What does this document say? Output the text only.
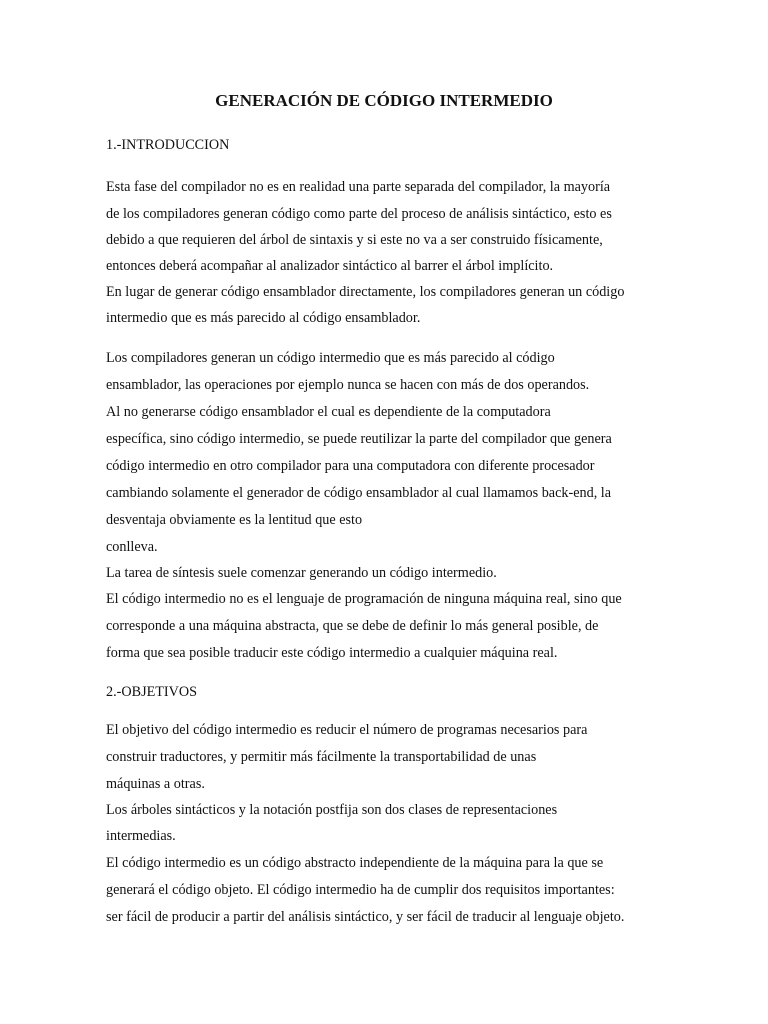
GENERACIÓN DE CÓDIGO INTERMEDIO
1.-INTRODUCCION
Esta fase del compilador no es en realidad una parte separada del compilador, la mayoría
de los compiladores generan código como parte del proceso de análisis sintáctico, esto es
debido a que requieren del árbol de sintaxis y si este no va a ser construido físicamente,
entonces deberá acompañar al analizador sintáctico al barrer el árbol implícito.
En lugar de generar código ensamblador directamente, los compiladores generan un código
intermedio que es más parecido al código ensamblador.
Los compiladores generan un código intermedio que es más parecido al código
ensamblador, las operaciones por ejemplo nunca se hacen con más de dos operandos.
Al no generarse código ensamblador el cual es dependiente de la computadora
específica, sino código intermedio, se puede reutilizar la parte del compilador que genera
código intermedio en otro compilador para una computadora con diferente procesador
cambiando solamente el generador de código ensamblador al cual llamamos back-end, la
desventaja obviamente es la lentitud que esto
conlleva.
La tarea de síntesis suele comenzar generando un código intermedio.
El código intermedio no es el lenguaje de programación de ninguna máquina real, sino que
corresponde a una máquina abstracta, que se debe de definir lo más general posible, de
forma que sea posible traducir este código intermedio a cualquier máquina real.
2.-OBJETIVOS
El objetivo del código intermedio es reducir el número de programas necesarios para
construir traductores, y permitir más fácilmente la transportabilidad de unas
máquinas a otras.
Los árboles sintácticos y la notación postfija son dos clases de representaciones
intermedias.
El código intermedio es un código abstracto independiente de la máquina para la que se
generará el código objeto. El código intermedio ha de cumplir dos requisitos importantes:
ser fácil de producir a partir del análisis sintáctico, y ser fácil de traducir al lenguaje objeto.
